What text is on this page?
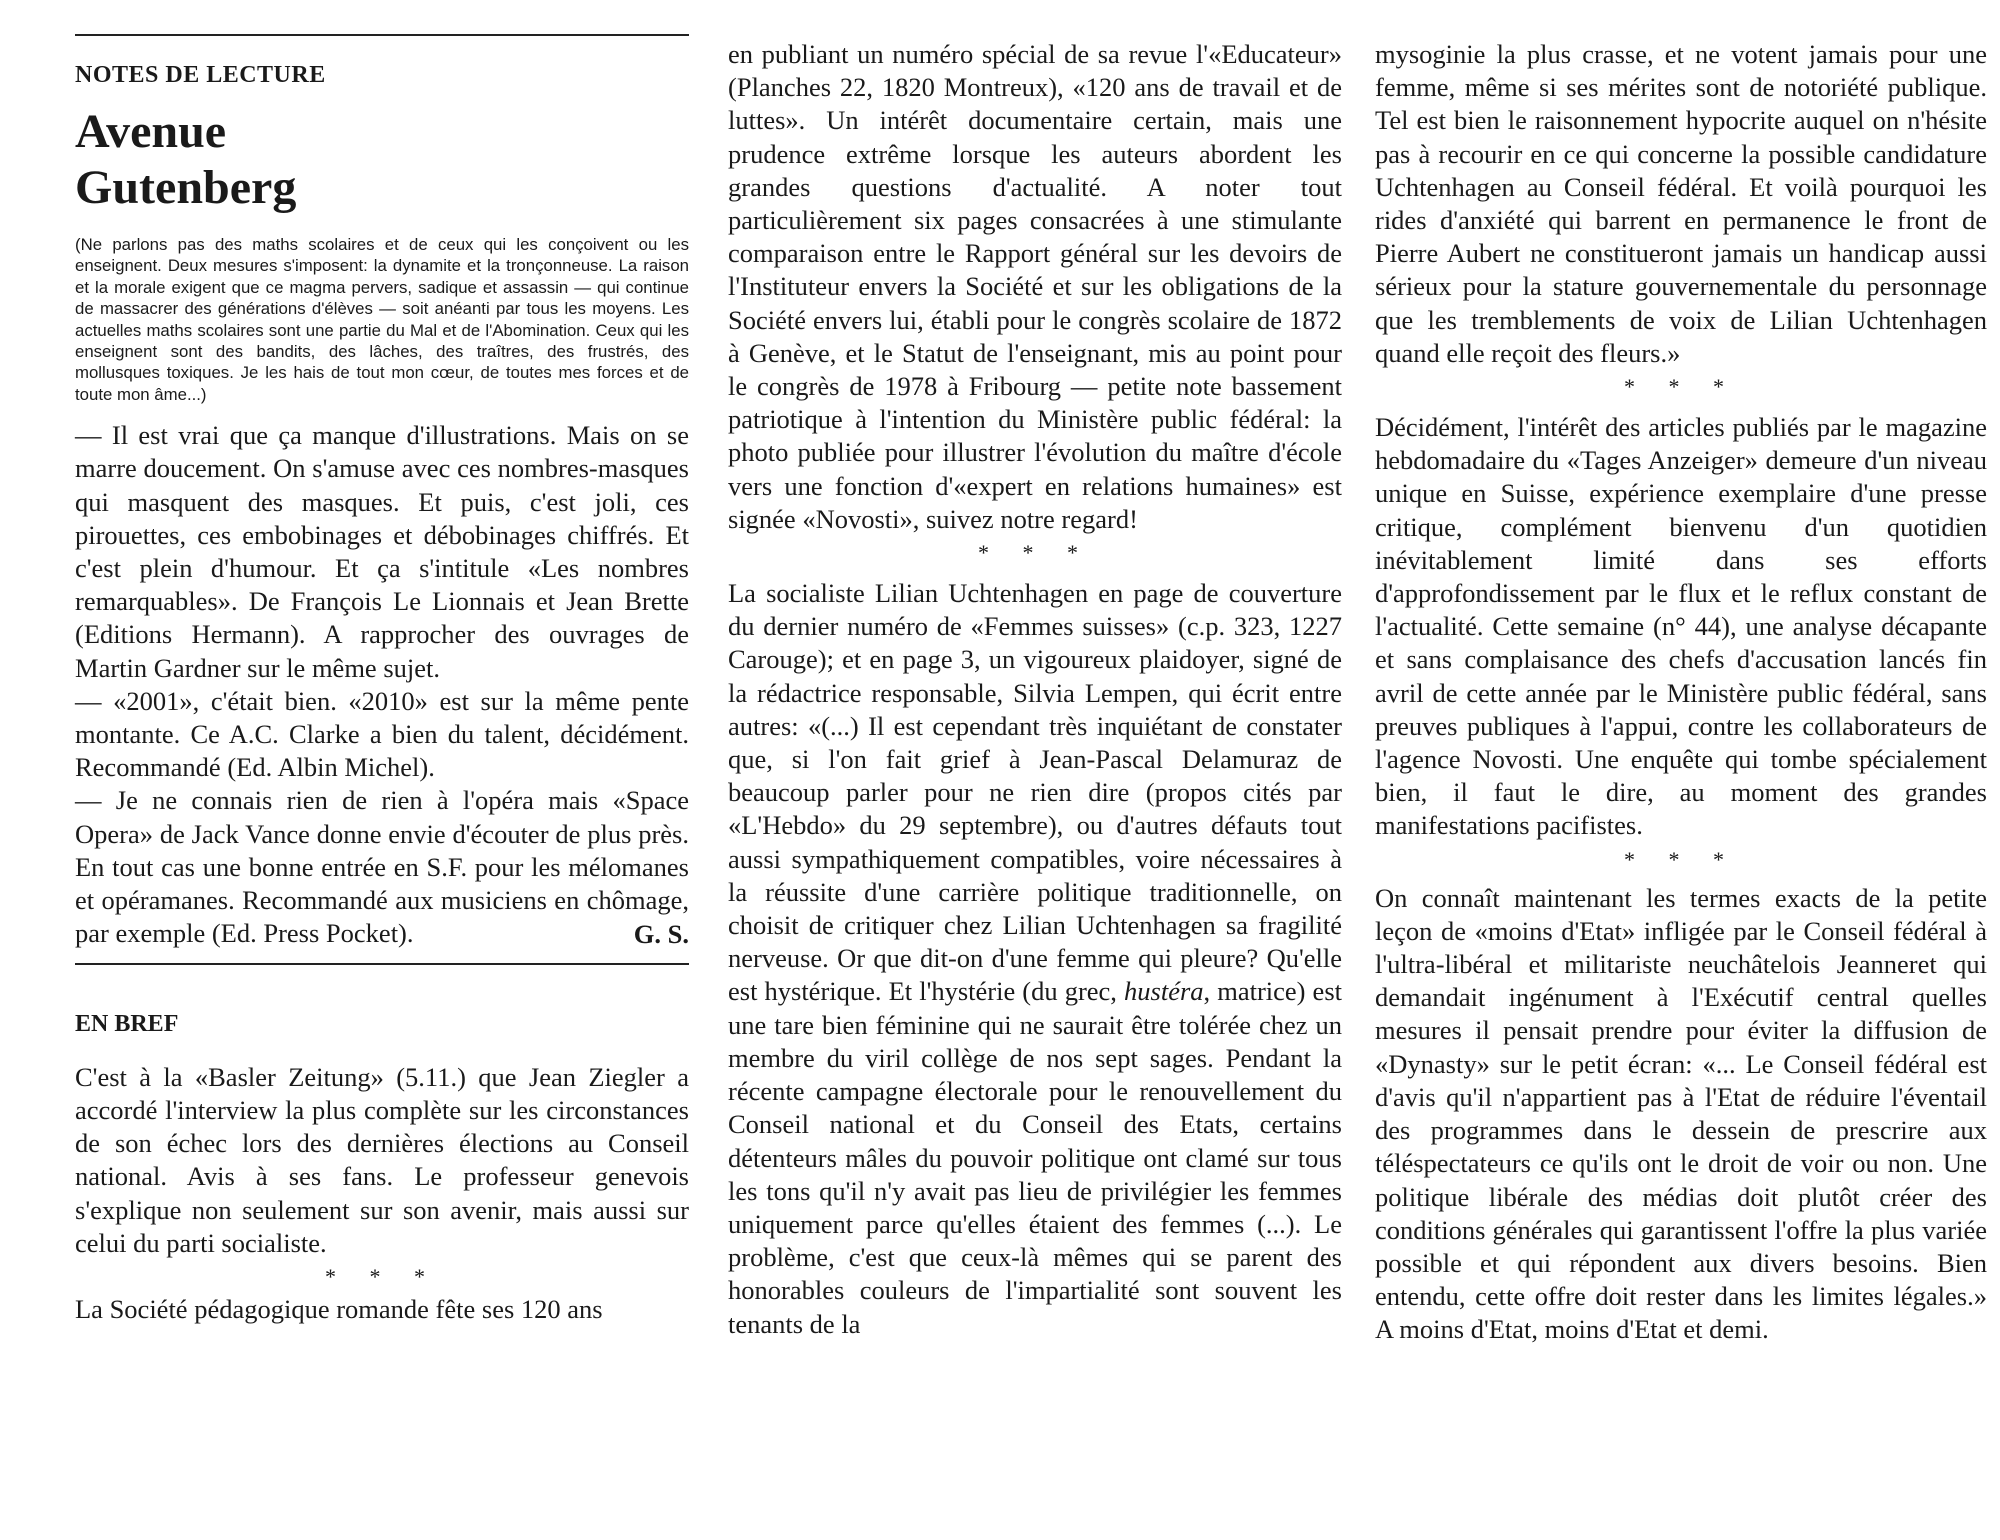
NOTES DE LECTURE

Avenue
Gutenberg

(Ne parlons pas des maths scolaires et de ceux qui les conçoivent ou les enseignent. Deux mesures s'imposent: la dynamite et la tronçonneuse. La raison et la morale exigent que ce magma pervers, sadique et assassin — qui continue de massacrer des générations d'élèves — soit anéanti par tous les moyens. Les actuelles maths scolaires sont une partie du Mal et de l'Abomination. Ceux qui les enseignent sont des bandits, des lâches, des traîtres, des frustrés, des mollusques toxiques. Je les hais de tout mon cœur, de toutes mes forces et de toute mon âme...)

— Il est vrai que ça manque d'illustrations. Mais on se marre doucement. On s'amuse avec ces nombres-masques qui masquent des masques. Et puis, c'est joli, ces pirouettes, ces embobinages et débobinages chiffrés. Et c'est plein d'humour. Et ça s'intitule «Les nombres remarquables». De François Le Lionnais et Jean Brette (Editions Hermann). A rapprocher des ouvrages de Martin Gardner sur le même sujet.

— «2001», c'était bien. «2010» est sur la même pente montante. Ce A.C. Clarke a bien du talent, décidément. Recommandé (Ed. Albin Michel).

— Je ne connais rien de rien à l'opéra mais «Space Opera» de Jack Vance donne envie d'écouter de plus près. En tout cas une bonne entrée en S.F. pour les mélomanes et opéramanes. Recommandé aux musiciens en chômage, par exemple (Ed. Press Pocket).	G. S.

EN BREF

C'est à la «Basler Zeitung» (5.11.) que Jean Ziegler a accordé l'interview la plus complète sur les circonstances de son échec lors des dernières élections au Conseil national. Avis à ses fans. Le professeur genevois s'explique non seulement sur son avenir, mais aussi sur celui du parti socialiste.

* * *

La Société pédagogique romande fête ses 120 ans

en publiant un numéro spécial de sa revue l'«Educateur» (Planches 22, 1820 Montreux), «120 ans de travail et de luttes». Un intérêt documentaire certain, mais une prudence extrême lorsque les auteurs abordent les grandes questions d'actualité. A noter tout particulièrement six pages consacrées à une stimulante comparaison entre le Rapport général sur les devoirs de l'Instituteur envers la Société et sur les obligations de la Société envers lui, établi pour le congrès scolaire de 1872 à Genève, et le Statut de l'enseignant, mis au point pour le congrès de 1978 à Fribourg — petite note bassement patriotique à l'intention du Ministère public fédéral: la photo publiée pour illustrer l'évolution du maître d'école vers une fonction d'«expert en relations humaines» est signée «Novosti», suivez notre regard!

* * *

La socialiste Lilian Uchtenhagen en page de couverture du dernier numéro de «Femmes suisses» (c.p. 323, 1227 Carouge); et en page 3, un vigoureux plaidoyer, signé de la rédactrice responsable, Silvia Lempen, qui écrit entre autres: «(...) Il est cependant très inquiétant de constater que, si l'on fait grief à Jean-Pascal Delamuraz de beaucoup parler pour ne rien dire (propos cités par «L'Hebdo» du 29 septembre), ou d'autres défauts tout aussi sympathiquement compatibles, voire nécessaires à la réussite d'une carrière politique traditionnelle, on choisit de critiquer chez Lilian Uchtenhagen sa fragilité nerveuse. Or que dit-on d'une femme qui pleure? Qu'elle est hystérique. Et l'hystérie (du grec, hustéra, matrice) est une tare bien féminine qui ne saurait être tolérée chez un membre du viril collège de nos sept sages. Pendant la récente campagne électorale pour le renouvellement du Conseil national et du Conseil des Etats, certains détenteurs mâles du pouvoir politique ont clamé sur tous les tons qu'il n'y avait pas lieu de privilégier les femmes uniquement parce qu'elles étaient des femmes (...). Le problème, c'est que ceux-là mêmes qui se parent des honorables couleurs de l'impartialité sont souvent les tenants de la

mysoginie la plus crasse, et ne votent jamais pour une femme, même si ses mérites sont de notoriété publique. Tel est bien le raisonnement hypocrite auquel on n'hésite pas à recourir en ce qui concerne la possible candidature Uchtenhagen au Conseil fédéral. Et voilà pourquoi les rides d'anxiété qui barrent en permanence le front de Pierre Aubert ne constitueront jamais un handicap aussi sérieux pour la stature gouvernementale du personnage que les tremblements de voix de Lilian Uchtenhagen quand elle reçoit des fleurs.»

* * *

Décidément, l'intérêt des articles publiés par le magazine hebdomadaire du «Tages Anzeiger» demeure d'un niveau unique en Suisse, expérience exemplaire d'une presse critique, complément bienvenu d'un quotidien inévitablement limité dans ses efforts d'approfondissement par le flux et le reflux constant de l'actualité. Cette semaine (n° 44), une analyse décapante et sans complaisance des chefs d'accusation lancés fin avril de cette année par le Ministère public fédéral, sans preuves publiques à l'appui, contre les collaborateurs de l'agence Novosti. Une enquête qui tombe spécialement bien, il faut le dire, au moment des grandes manifestations pacifistes.

* * *

On connaît maintenant les termes exacts de la petite leçon de «moins d'Etat» infligée par le Conseil fédéral à l'ultra-libéral et militariste neuchâtelois Jeanneret qui demandait ingénument à l'Exécutif central quelles mesures il pensait prendre pour éviter la diffusion de «Dynasty» sur le petit écran: «... Le Conseil fédéral est d'avis qu'il n'appartient pas à l'Etat de réduire l'éventail des programmes dans le dessein de prescrire aux téléspectateurs ce qu'ils ont le droit de voir ou non. Une politique libérale des médias doit plutôt créer des conditions générales qui garantissent l'offre la plus variée possible et qui répondent aux divers besoins. Bien entendu, cette offre doit rester dans les limites légales.» A moins d'Etat, moins d'Etat et demi.
